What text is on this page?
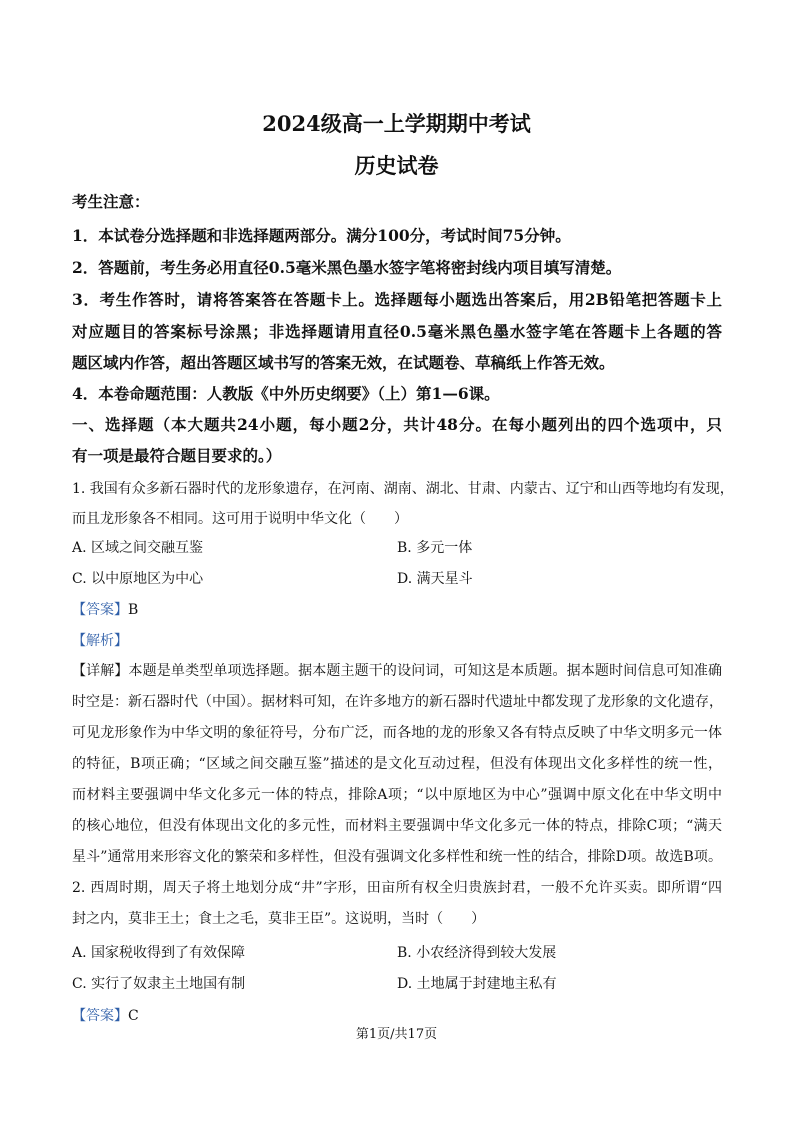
2024级高一上学期期中考试
历史试卷
考生注意：
1．本试卷分选择题和非选择题两部分。满分100分，考试时间75分钟。
2．答题前，考生务必用直径0.5毫米黑色墨水签字笔将密封线内项目填写清楚。
3．考生作答时，请将答案答在答题卡上。选择题每小题选出答案后，用2B铅笔把答题卡上
对应题目的答案标号涂黑；非选择题请用直径0.5毫米黑色墨水签字笔在答题卡上各题的答
题区域内作答，超出答题区域书写的答案无效，在试题卷、草稿纸上作答无效。
4．本卷命题范围：人教版《中外历史纲要》（上）第1—6课。
一、选择题（本大题共24小题，每小题2分，共计48分。在每小题列出的四个选项中，只
有一项是最符合题目要求的。）
1. 我国有众多新石器时代的龙形象遗存，在河南、湖南、湖北、甘肃、内蒙古、辽宁和山西等地均有发现，
而且龙形象各不相同。这可用于说明中华文化（　　）
A. 区域之间交融互鉴	B. 多元一体
C. 以中原地区为中心	D. 满天星斗
【答案】B
【解析】
【详解】本题是单类型单项选择题。据本题主题干的设问词，可知这是本质题。据本题时间信息可知准确
时空是：新石器时代（中国）。据材料可知，在许多地方的新石器时代遗址中都发现了龙形象的文化遗存，
可见龙形象作为中华文明的象征符号，分布广泛，而各地的龙的形象又各有特点反映了中华文明多元一体
的特征，B项正确；“区域之间交融互鉴”描述的是文化互动过程，但没有体现出文化多样性的统一性，
而材料主要强调中华文化多元一体的特点，排除A项；“以中原地区为中心”强调中原文化在中华文明中
的核心地位，但没有体现出文化的多元性，而材料主要强调中华文化多元一体的特点，排除C项；“满天
星斗”通常用来形容文化的繁荣和多样性，但没有强调文化多样性和统一性的结合，排除D项。故选B项。
2. 西周时期，周天子将土地划分成“井”字形，田亩所有权全归贵族封君，一般不允许买卖。即所谓“四
封之内，莫非王土；食土之毛，莫非王臣”。这说明，当时（　　）
A. 国家税收得到了有效保障	B. 小农经济得到较大发展
C. 实行了奴隶主土地国有制	D. 土地属于封建地主私有
【答案】C
第1页/共17页
